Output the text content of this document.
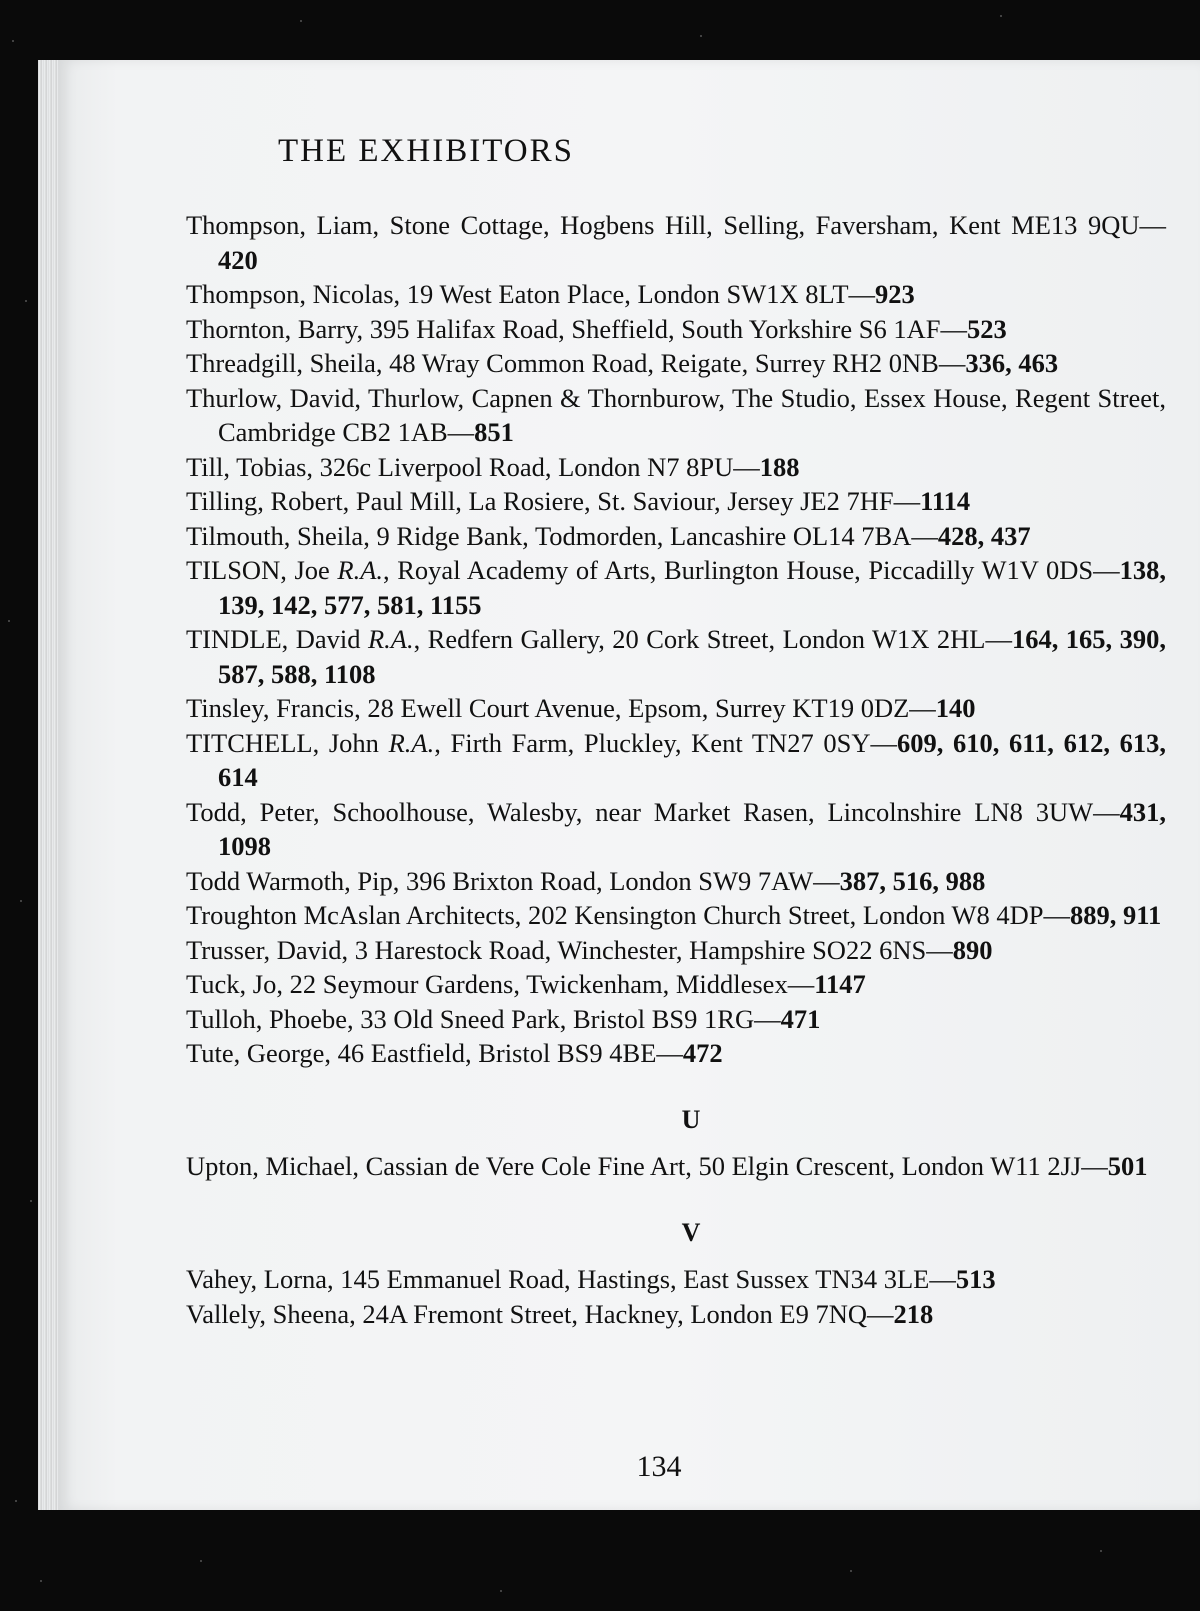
THE EXHIBITORS
Thompson, Liam, Stone Cottage, Hogbens Hill, Selling, Faversham, Kent ME13 9QU—420
Thompson, Nicolas, 19 West Eaton Place, London SW1X 8LT—923
Thornton, Barry, 395 Halifax Road, Sheffield, South Yorkshire S6 1AF—523
Threadgill, Sheila, 48 Wray Common Road, Reigate, Surrey RH2 0NB—336, 463
Thurlow, David, Thurlow, Capnen & Thornburow, The Studio, Essex House, Regent Street, Cambridge CB2 1AB—851
Till, Tobias, 326c Liverpool Road, London N7 8PU—188
Tilling, Robert, Paul Mill, La Rosiere, St. Saviour, Jersey JE2 7HF—1114
Tilmouth, Sheila, 9 Ridge Bank, Todmorden, Lancashire OL14 7BA—428, 437
TILSON, Joe R.A., Royal Academy of Arts, Burlington House, Piccadilly W1V 0DS—138, 139, 142, 577, 581, 1155
TINDLE, David R.A., Redfern Gallery, 20 Cork Street, London W1X 2HL—164, 165, 390, 587, 588, 1108
Tinsley, Francis, 28 Ewell Court Avenue, Epsom, Surrey KT19 0DZ—140
TITCHELL, John R.A., Firth Farm, Pluckley, Kent TN27 0SY—609, 610, 611, 612, 613, 614
Todd, Peter, Schoolhouse, Walesby, near Market Rasen, Lincolnshire LN8 3UW—431, 1098
Todd Warmoth, Pip, 396 Brixton Road, London SW9 7AW—387, 516, 988
Troughton McAslan Architects, 202 Kensington Church Street, London W8 4DP—889, 911
Trusser, David, 3 Harestock Road, Winchester, Hampshire SO22 6NS—890
Tuck, Jo, 22 Seymour Gardens, Twickenham, Middlesex—1147
Tulloh, Phoebe, 33 Old Sneed Park, Bristol BS9 1RG—471
Tute, George, 46 Eastfield, Bristol BS9 4BE—472
U
Upton, Michael, Cassian de Vere Cole Fine Art, 50 Elgin Crescent, London W11 2JJ—501
V
Vahey, Lorna, 145 Emmanuel Road, Hastings, East Sussex TN34 3LE—513
Vallely, Sheena, 24A Fremont Street, Hackney, London E9 7NQ—218
134
